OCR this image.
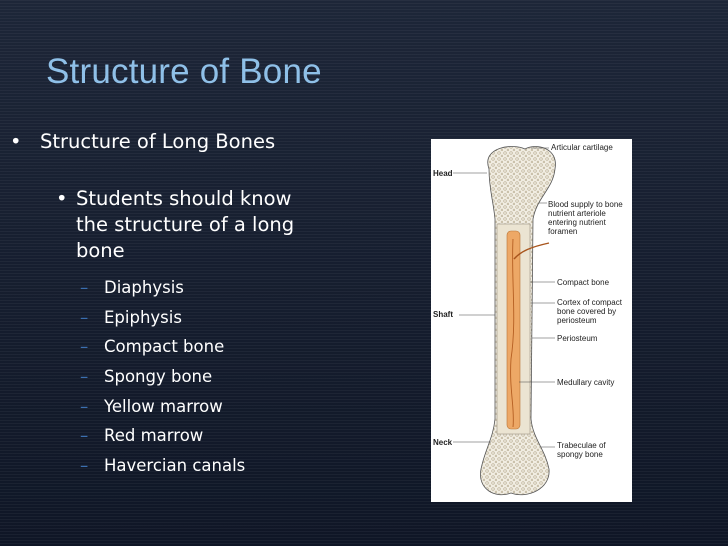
Structure of Bone
• Structure of Long Bones
• Students should know the structure of a long bone
– Diaphysis
– Epiphysis
– Compact bone
– Spongy bone
– Yellow marrow
– Red marrow
– Havercian canals
Head
Shaft
Neck
Articular cartilage
Blood supply to bone
nutrient arteriole
entering nutrient
foramen
Compact bone
Cortex of compact
bone covered by
periosteum
Periosteum
Medullary cavity
Trabeculae of
spongy bone
